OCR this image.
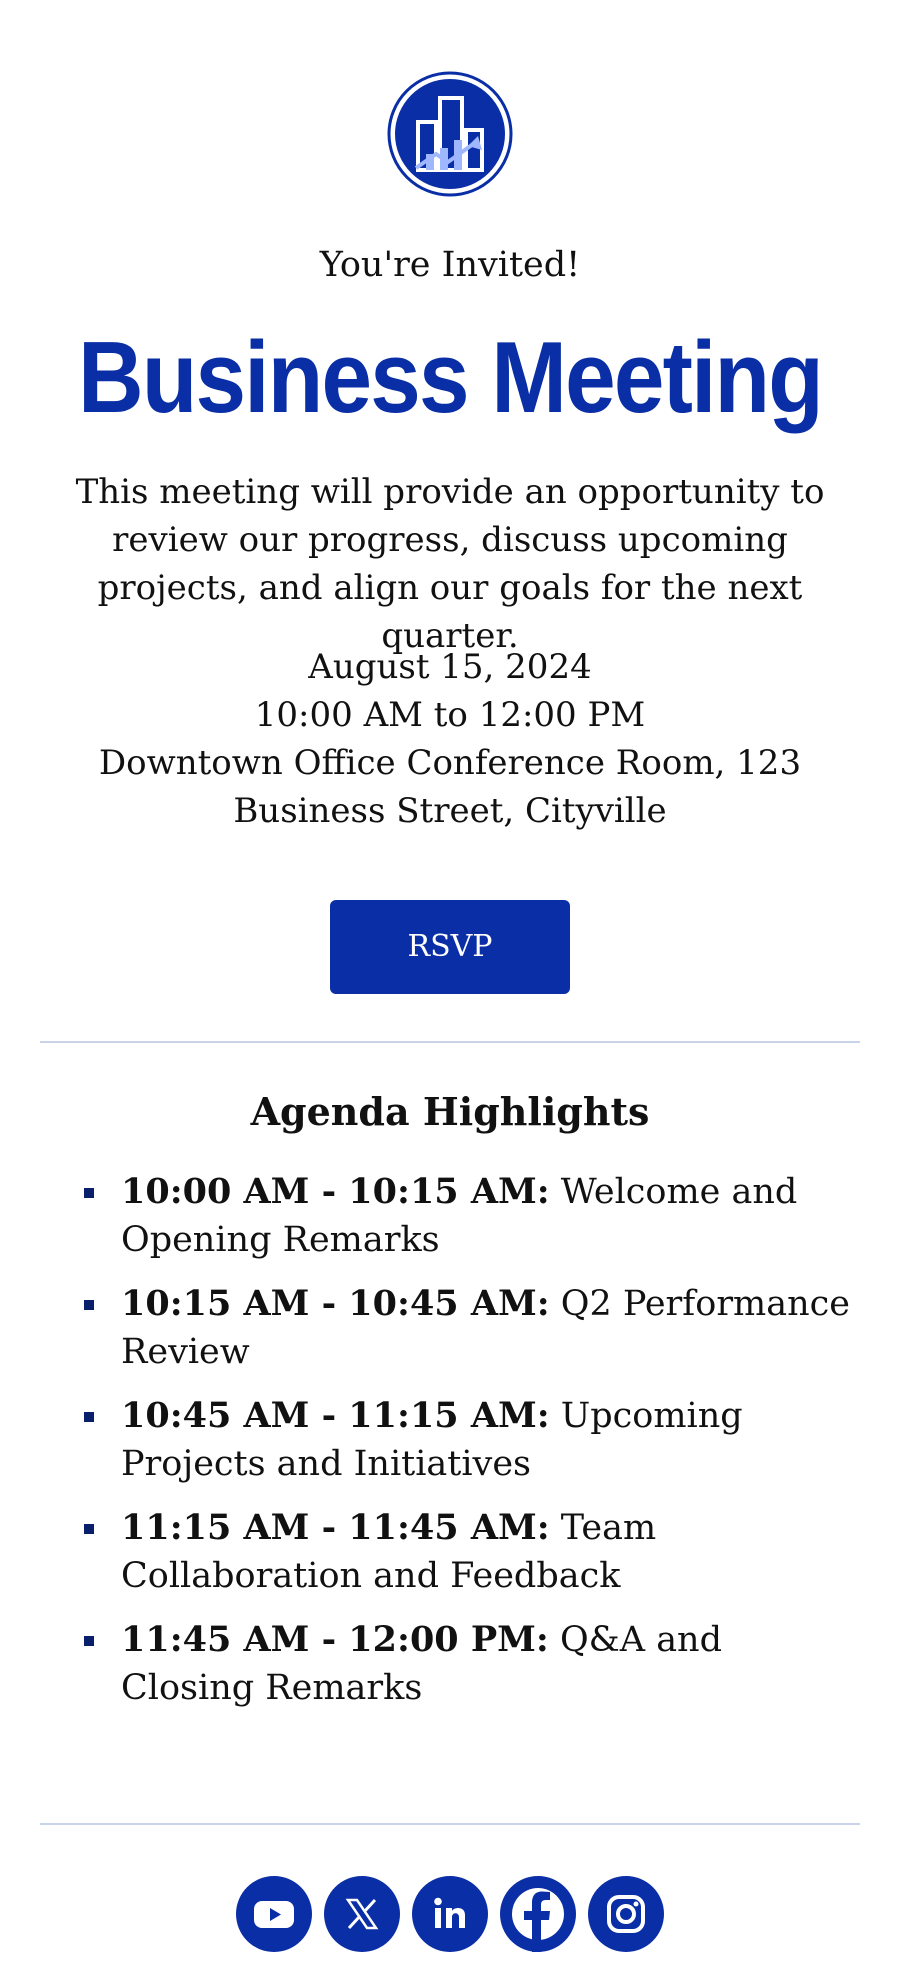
You're Invited!
Business Meeting
This meeting will provide an opportunity to review our progress, discuss upcoming projects, and align our goals for the next quarter.
August 15, 2024
10:00 AM to 12:00 PM
Downtown Office Conference Room, 123 Business Street, Cityville
RSVP
Agenda Highlights
10:00 AM - 10:15 AM: Welcome and Opening Remarks
10:15 AM - 10:45 AM: Q2 Performance Review
10:45 AM - 11:15 AM: Upcoming Projects and Initiatives
11:15 AM - 11:45 AM: Team Collaboration and Feedback
11:45 AM - 12:00 PM: Q&A and Closing Remarks
